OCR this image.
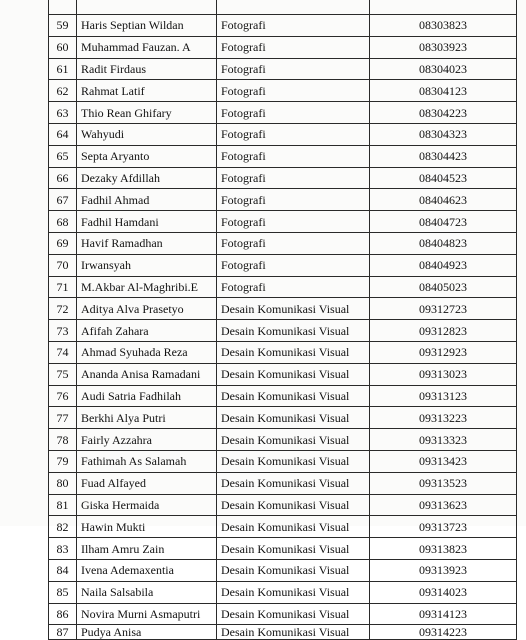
59	Haris Septian Wildan	Fotografi	08303823
60	Muhammad Fauzan. A	Fotografi	08303923
61	Radit Firdaus	Fotografi	08304023
62	Rahmat Latif	Fotografi	08304123
63	Thio Rean Ghifary	Fotografi	08304223
64	Wahyudi	Fotografi	08304323
65	Septa Aryanto	Fotografi	08304423
66	Dezaky Afdillah	Fotografi	08404523
67	Fadhil Ahmad	Fotografi	08404623
68	Fadhil Hamdani	Fotografi	08404723
69	Havif Ramadhan	Fotografi	08404823
70	Irwansyah	Fotografi	08404923
71	M.Akbar Al-Maghribi.E	Fotografi	08405023
72	Aditya Alva Prasetyo	Desain Komunikasi Visual	09312723
73	Afifah Zahara	Desain Komunikasi Visual	09312823
74	Ahmad Syuhada Reza	Desain Komunikasi Visual	09312923
75	Ananda Anisa Ramadani	Desain Komunikasi Visual	09313023
76	Audi Satria Fadhilah	Desain Komunikasi Visual	09313123
77	Berkhi Alya Putri	Desain Komunikasi Visual	09313223
78	Fairly Azzahra	Desain Komunikasi Visual	09313323
79	Fathimah As Salamah	Desain Komunikasi Visual	09313423
80	Fuad Alfayed	Desain Komunikasi Visual	09313523
81	Giska Hermaida	Desain Komunikasi Visual	09313623
82	Hawin Mukti	Desain Komunikasi Visual	09313723
83	Ilham Amru Zain	Desain Komunikasi Visual	09313823
84	Ivena Ademaxentia	Desain Komunikasi Visual	09313923
85	Naila Salsabila	Desain Komunikasi Visual	09314023
86	Novira Murni Asmaputri	Desain Komunikasi Visual	09314123
87	Pudya Anisa	Desain Komunikasi Visual	09314223
